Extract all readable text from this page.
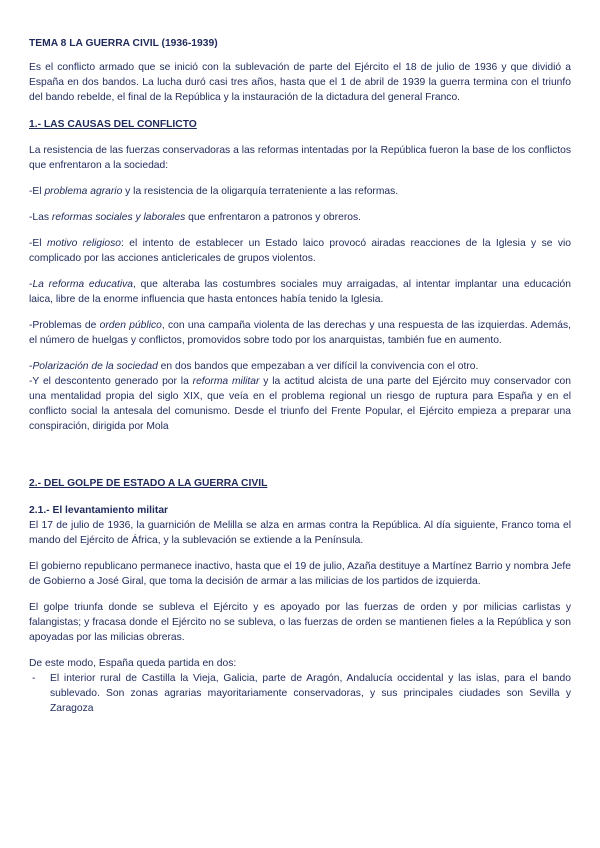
TEMA 8 LA GUERRA CIVIL (1936-1939)

Es el conflicto armado que se inició con la sublevación de parte del Ejército el 18 de julio de 1936 y que dividió a España en dos bandos. La lucha duró casi tres años, hasta que el 1 de abril de 1939 la guerra termina con el triunfo del bando rebelde, el final de la República y la instauración de la dictadura del general Franco.

1.- LAS CAUSAS DEL CONFLICTO

La resistencia de las fuerzas conservadoras a las reformas intentadas por la República fueron la base de los conflictos que enfrentaron a la sociedad:

-El problema agrario y la resistencia de la oligarquía terrateniente a las reformas.

-Las reformas sociales y laborales que enfrentaron a patronos y obreros.

-El motivo religioso: el intento de establecer un Estado laico provocó airadas reacciones de la Iglesia y se vio complicado por las acciones anticlericales de grupos violentos.

-La reforma educativa, que alteraba las costumbres sociales muy arraigadas, al intentar implantar una educación laica, libre de la enorme influencia que hasta entonces había tenido la Iglesia.

-Problemas de orden público, con una campaña violenta de las derechas y una respuesta de las izquierdas. Además, el número de huelgas y conflictos, promovidos sobre todo por los anarquistas, también fue en aumento.

-Polarización de la sociedad en dos bandos que empezaban a ver difícil la convivencia con el otro.

-Y el descontento generado por la reforma militar y la actitud alcista de una parte del Ejército muy conservador con una mentalidad propia del siglo XIX, que veía en el problema regional un riesgo de ruptura para España y en el conflicto social la antesala del comunismo. Desde el triunfo del Frente Popular, el Ejército empieza a preparar una conspiración, dirigida por Mola

2.- DEL GOLPE DE ESTADO A LA GUERRA CIVIL

2.1.- El levantamiento militar

El 17 de julio de 1936, la guarnición de Melilla se alza en armas contra la República. Al día siguiente, Franco toma el mando del Ejército de África, y la sublevación se extiende a la Península.

El gobierno republicano permanece inactivo, hasta que el 19 de julio, Azaña destituye a Martínez Barrio y nombra Jefe de Gobierno a José Giral, que toma la decisión de armar a las milicias de los partidos de izquierda.

El golpe triunfa donde se subleva el Ejército y es apoyado por las fuerzas de orden y por milicias carlistas y falangistas; y fracasa donde el Ejército no se subleva, o las fuerzas de orden se mantienen fieles a la República y son apoyadas por las milicias obreras.

De este modo, España queda partida en dos:

-	El interior rural de Castilla la Vieja, Galicia, parte de Aragón, Andalucía occidental y las islas, para el bando sublevado. Son zonas agrarias mayoritariamente conservadoras, y sus principales ciudades son Sevilla y Zaragoza
